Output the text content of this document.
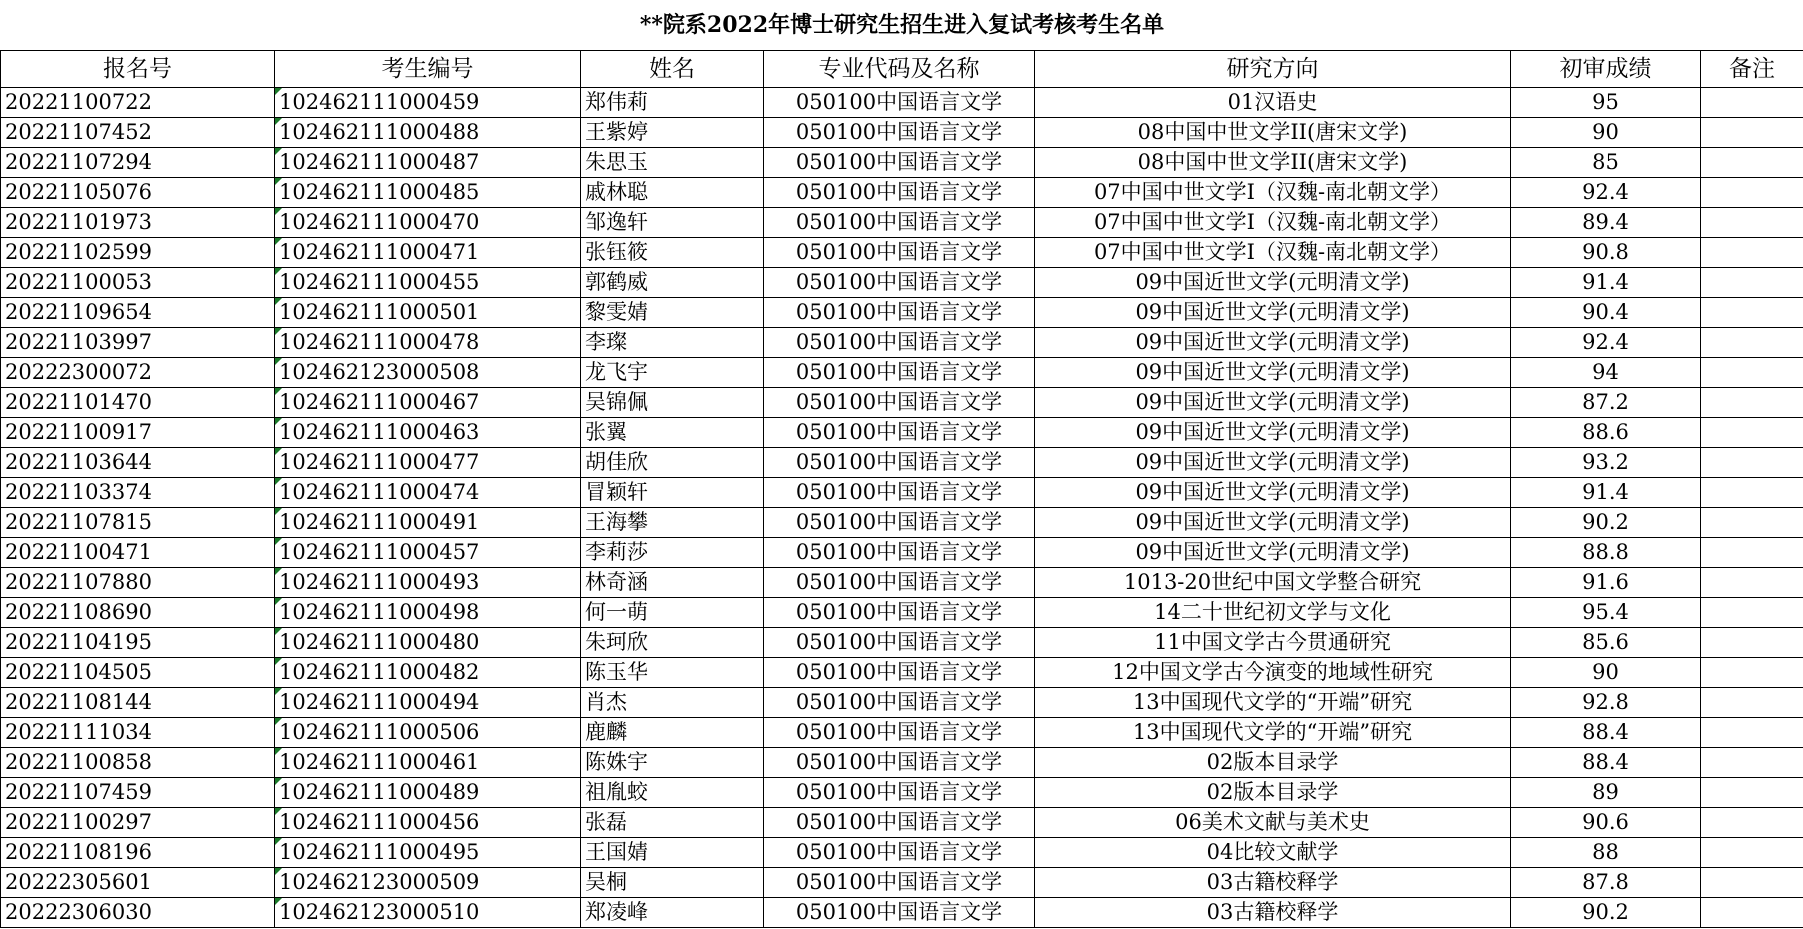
**院系2022年博士研究生招生进入复试考核考生名单						
报名号	考生编号	姓名	专业代码及名称	研究方向	初审成绩	备注
20221100722	102462111000459	郑伟莉	050100中国语言文学	01汉语史	95	
20221107452	102462111000488	王紫婷	050100中国语言文学	08中国中世文学II(唐宋文学)	90	
20221107294	102462111000487	朱思玉	050100中国语言文学	08中国中世文学II(唐宋文学)	85	
20221105076	102462111000485	戚林聪	050100中国语言文学	07中国中世文学I（汉魏-南北朝文学）	92.4	
20221101973	102462111000470	邹逸轩	050100中国语言文学	07中国中世文学I（汉魏-南北朝文学）	89.4	
20221102599	102462111000471	张钰筱	050100中国语言文学	07中国中世文学I（汉魏-南北朝文学）	90.8	
20221100053	102462111000455	郭鹤威	050100中国语言文学	09中国近世文学(元明清文学)	91.4	
20221109654	102462111000501	黎雯婧	050100中国语言文学	09中国近世文学(元明清文学)	90.4	
20221103997	102462111000478	李璨	050100中国语言文学	09中国近世文学(元明清文学)	92.4	
20222300072	102462123000508	龙飞宇	050100中国语言文学	09中国近世文学(元明清文学)	94	
20221101470	102462111000467	吴锦佩	050100中国语言文学	09中国近世文学(元明清文学)	87.2	
20221100917	102462111000463	张翼	050100中国语言文学	09中国近世文学(元明清文学)	88.6	
20221103644	102462111000477	胡佳欣	050100中国语言文学	09中国近世文学(元明清文学)	93.2	
20221103374	102462111000474	冒颖轩	050100中国语言文学	09中国近世文学(元明清文学)	91.4	
20221107815	102462111000491	王海攀	050100中国语言文学	09中国近世文学(元明清文学)	90.2	
20221100471	102462111000457	李莉莎	050100中国语言文学	09中国近世文学(元明清文学)	88.8	
20221107880	102462111000493	林奇涵	050100中国语言文学	1013-20世纪中国文学整合研究	91.6	
20221108690	102462111000498	何一萌	050100中国语言文学	14二十世纪初文学与文化	95.4	
20221104195	102462111000480	朱珂欣	050100中国语言文学	11中国文学古今贯通研究	85.6	
20221104505	102462111000482	陈玉华	050100中国语言文学	12中国文学古今演变的地域性研究	90	
20221108144	102462111000494	肖杰	050100中国语言文学	13中国现代文学的“开端”研究	92.8	
20221111034	102462111000506	鹿麟	050100中国语言文学	13中国现代文学的“开端”研究	88.4	
20221100858	102462111000461	陈姝宇	050100中国语言文学	02版本目录学	88.4	
20221107459	102462111000489	祖胤蛟	050100中国语言文学	02版本目录学	89	
20221100297	102462111000456	张磊	050100中国语言文学	06美术文献与美术史	90.6	
20221108196	102462111000495	王国婧	050100中国语言文学	04比较文献学	88	
20222305601	102462123000509	吴桐	050100中国语言文学	03古籍校释学	87.8	
20222306030	102462123000510	郑凌峰	050100中国语言文学	03古籍校释学	90.2	
